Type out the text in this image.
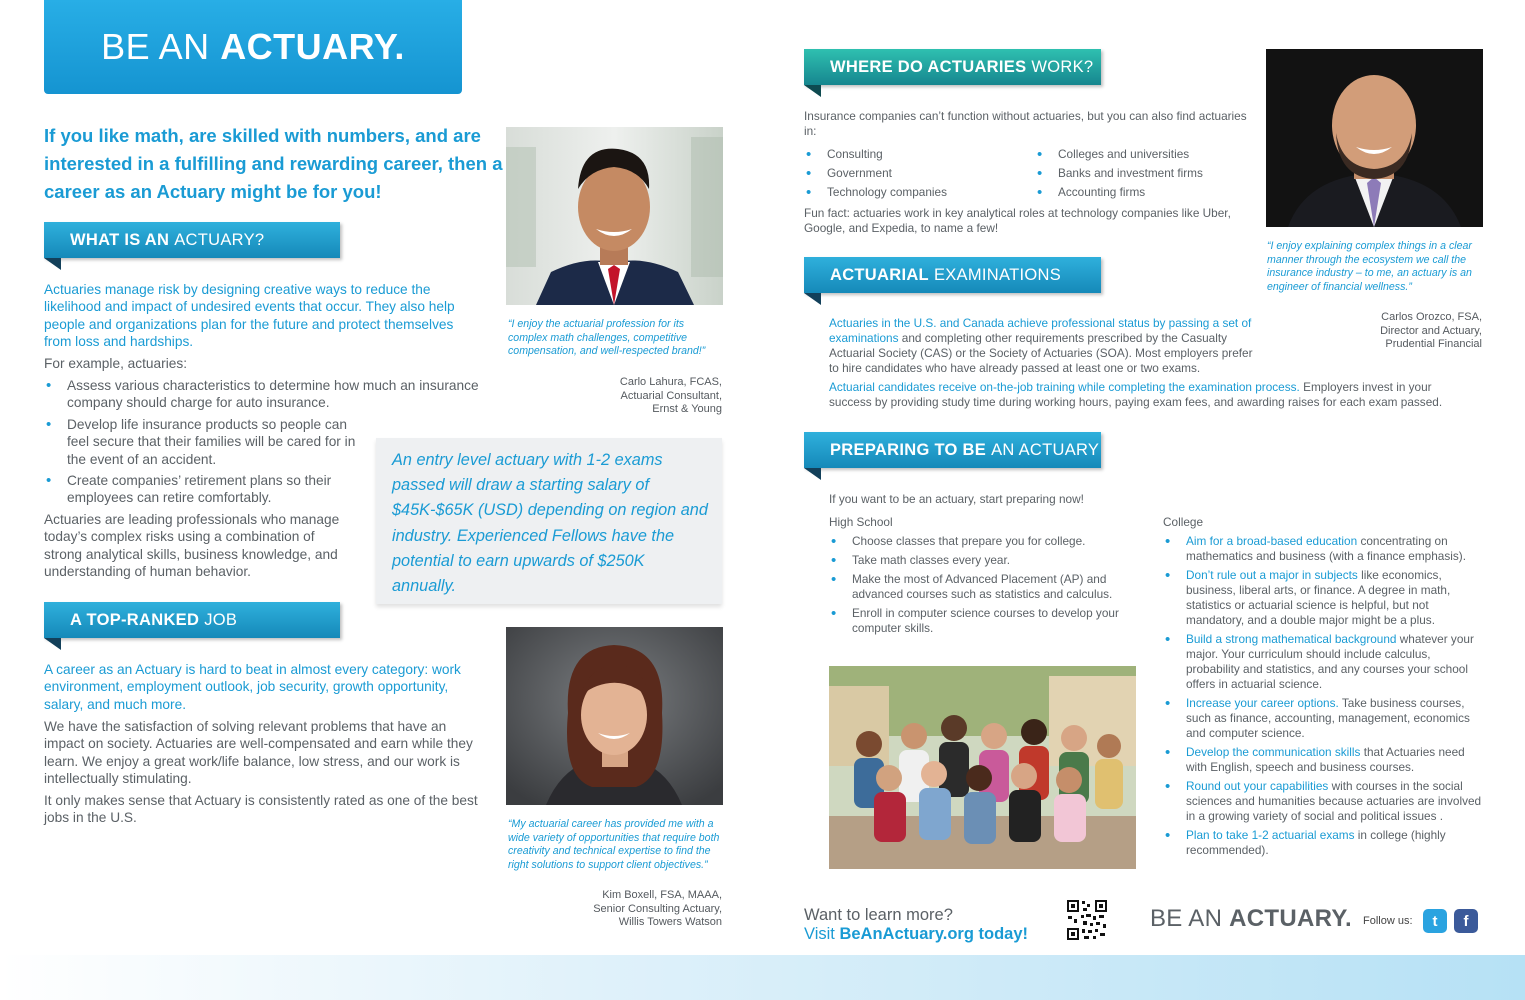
BE AN ACTUARY.
If you like math, are skilled with numbers, and are interested in a fulfilling and rewarding career, then a career as an Actuary might be for you!
WHAT IS AN ACTUARY?
Actuaries manage risk by designing creative ways to reduce the likelihood and impact of undesired events that occur. They also help people and organizations plan for the future and protect themselves from loss and hardships.
For example, actuaries:
• Assess various characteristics to determine how much an insurance company should charge for auto insurance.
• Develop life insurance products so people can feel secure that their families will be cared for in the event of an accident.
• Create companies’ retirement plans so their employees can retire comfortably.
Actuaries are leading professionals who manage today’s complex risks using a combination of strong analytical skills, business knowledge, and understanding of human behavior.
“I enjoy the actuarial profession for its complex math challenges, competitive compensation, and well-respected brand!”
Carlo Lahura, FCAS,
Actuarial Consultant,
Ernst & Young
An entry level actuary with 1-2 exams passed will draw a starting salary of $45K-$65K (USD) depending on region and industry. Experienced Fellows have the potential to earn upwards of $250K annually.
A TOP-RANKED JOB
A career as an Actuary is hard to beat in almost every category: work environment, employment outlook, job security, growth opportunity, salary, and much more.
We have the satisfaction of solving relevant problems that have an impact on society. Actuaries are well-compensated and earn while they learn. We enjoy a great work/life balance, low stress, and our work is intellectually stimulating.
It only makes sense that Actuary is consistently rated as one of the best jobs in the U.S.	“My actuarial career has provided me with a wide variety of opportunities that require both creativity and technical expertise to find the right solutions to support client objectives.”
Kim Boxell, FSA, MAAA,
Senior Consulting Actuary,
Willis Towers Watson
WHERE DO ACTUARIES WORK?
Insurance companies can’t function without actuaries, but you can also find actuaries in:
• Consulting
• Government
• Technology companies
• Colleges and universities
• Banks and investment firms
• Accounting firms
Fun fact: actuaries work in key analytical roles at technology companies like Uber, Google, and Expedia, to name a few!
“I enjoy explaining complex things in a clear manner through the ecosystem we call the insurance industry – to me, an actuary is an engineer of financial wellness.”
Carlos Orozco, FSA,
Director and Actuary,
Prudential Financial
ACTUARIAL EXAMINATIONS
Actuaries in the U.S. and Canada achieve professional status by passing a set of examinations and completing other requirements prescribed by the Casualty Actuarial Society (CAS) or the Society of Actuaries (SOA). Most employers prefer to hire candidates who have already passed at least one or two exams.
Actuarial candidates receive on-the-job training while completing the examination process. Employers invest in your success by providing study time during working hours, paying exam fees, and awarding raises for each exam passed.
PREPARING TO BE AN ACTUARY
If you want to be an actuary, start preparing now!
High School
• Choose classes that prepare you for college.
• Take math classes every year.
• Make the most of Advanced Placement (AP) and advanced courses such as statistics and calculus.
• Enroll in computer science courses to develop your computer skills.
College
• Aim for a broad-based education concentrating on mathematics and business (with a finance emphasis).
• Don’t rule out a major in subjects like economics, business, liberal arts, or finance. A degree in math, statistics or actuarial science is helpful, but not mandatory, and a double major might be a plus.
• Build a strong mathematical background whatever your major. Your curriculum should include calculus, probability and statistics, and any courses your school offers in actuarial science.
• Increase your career options. Take business courses, such as finance, accounting, management, economics and computer science.
• Develop the communication skills that Actuaries need with English, speech and business courses.
• Round out your capabilities with courses in the social sciences and humanities because actuaries are involved in a growing variety of social and political issues .
• Plan to take 1-2 actuarial exams in college (highly recommended).
Want to learn more?
Visit BeAnActuary.org today!
BE AN ACTUARY. Follow us:	t	f
